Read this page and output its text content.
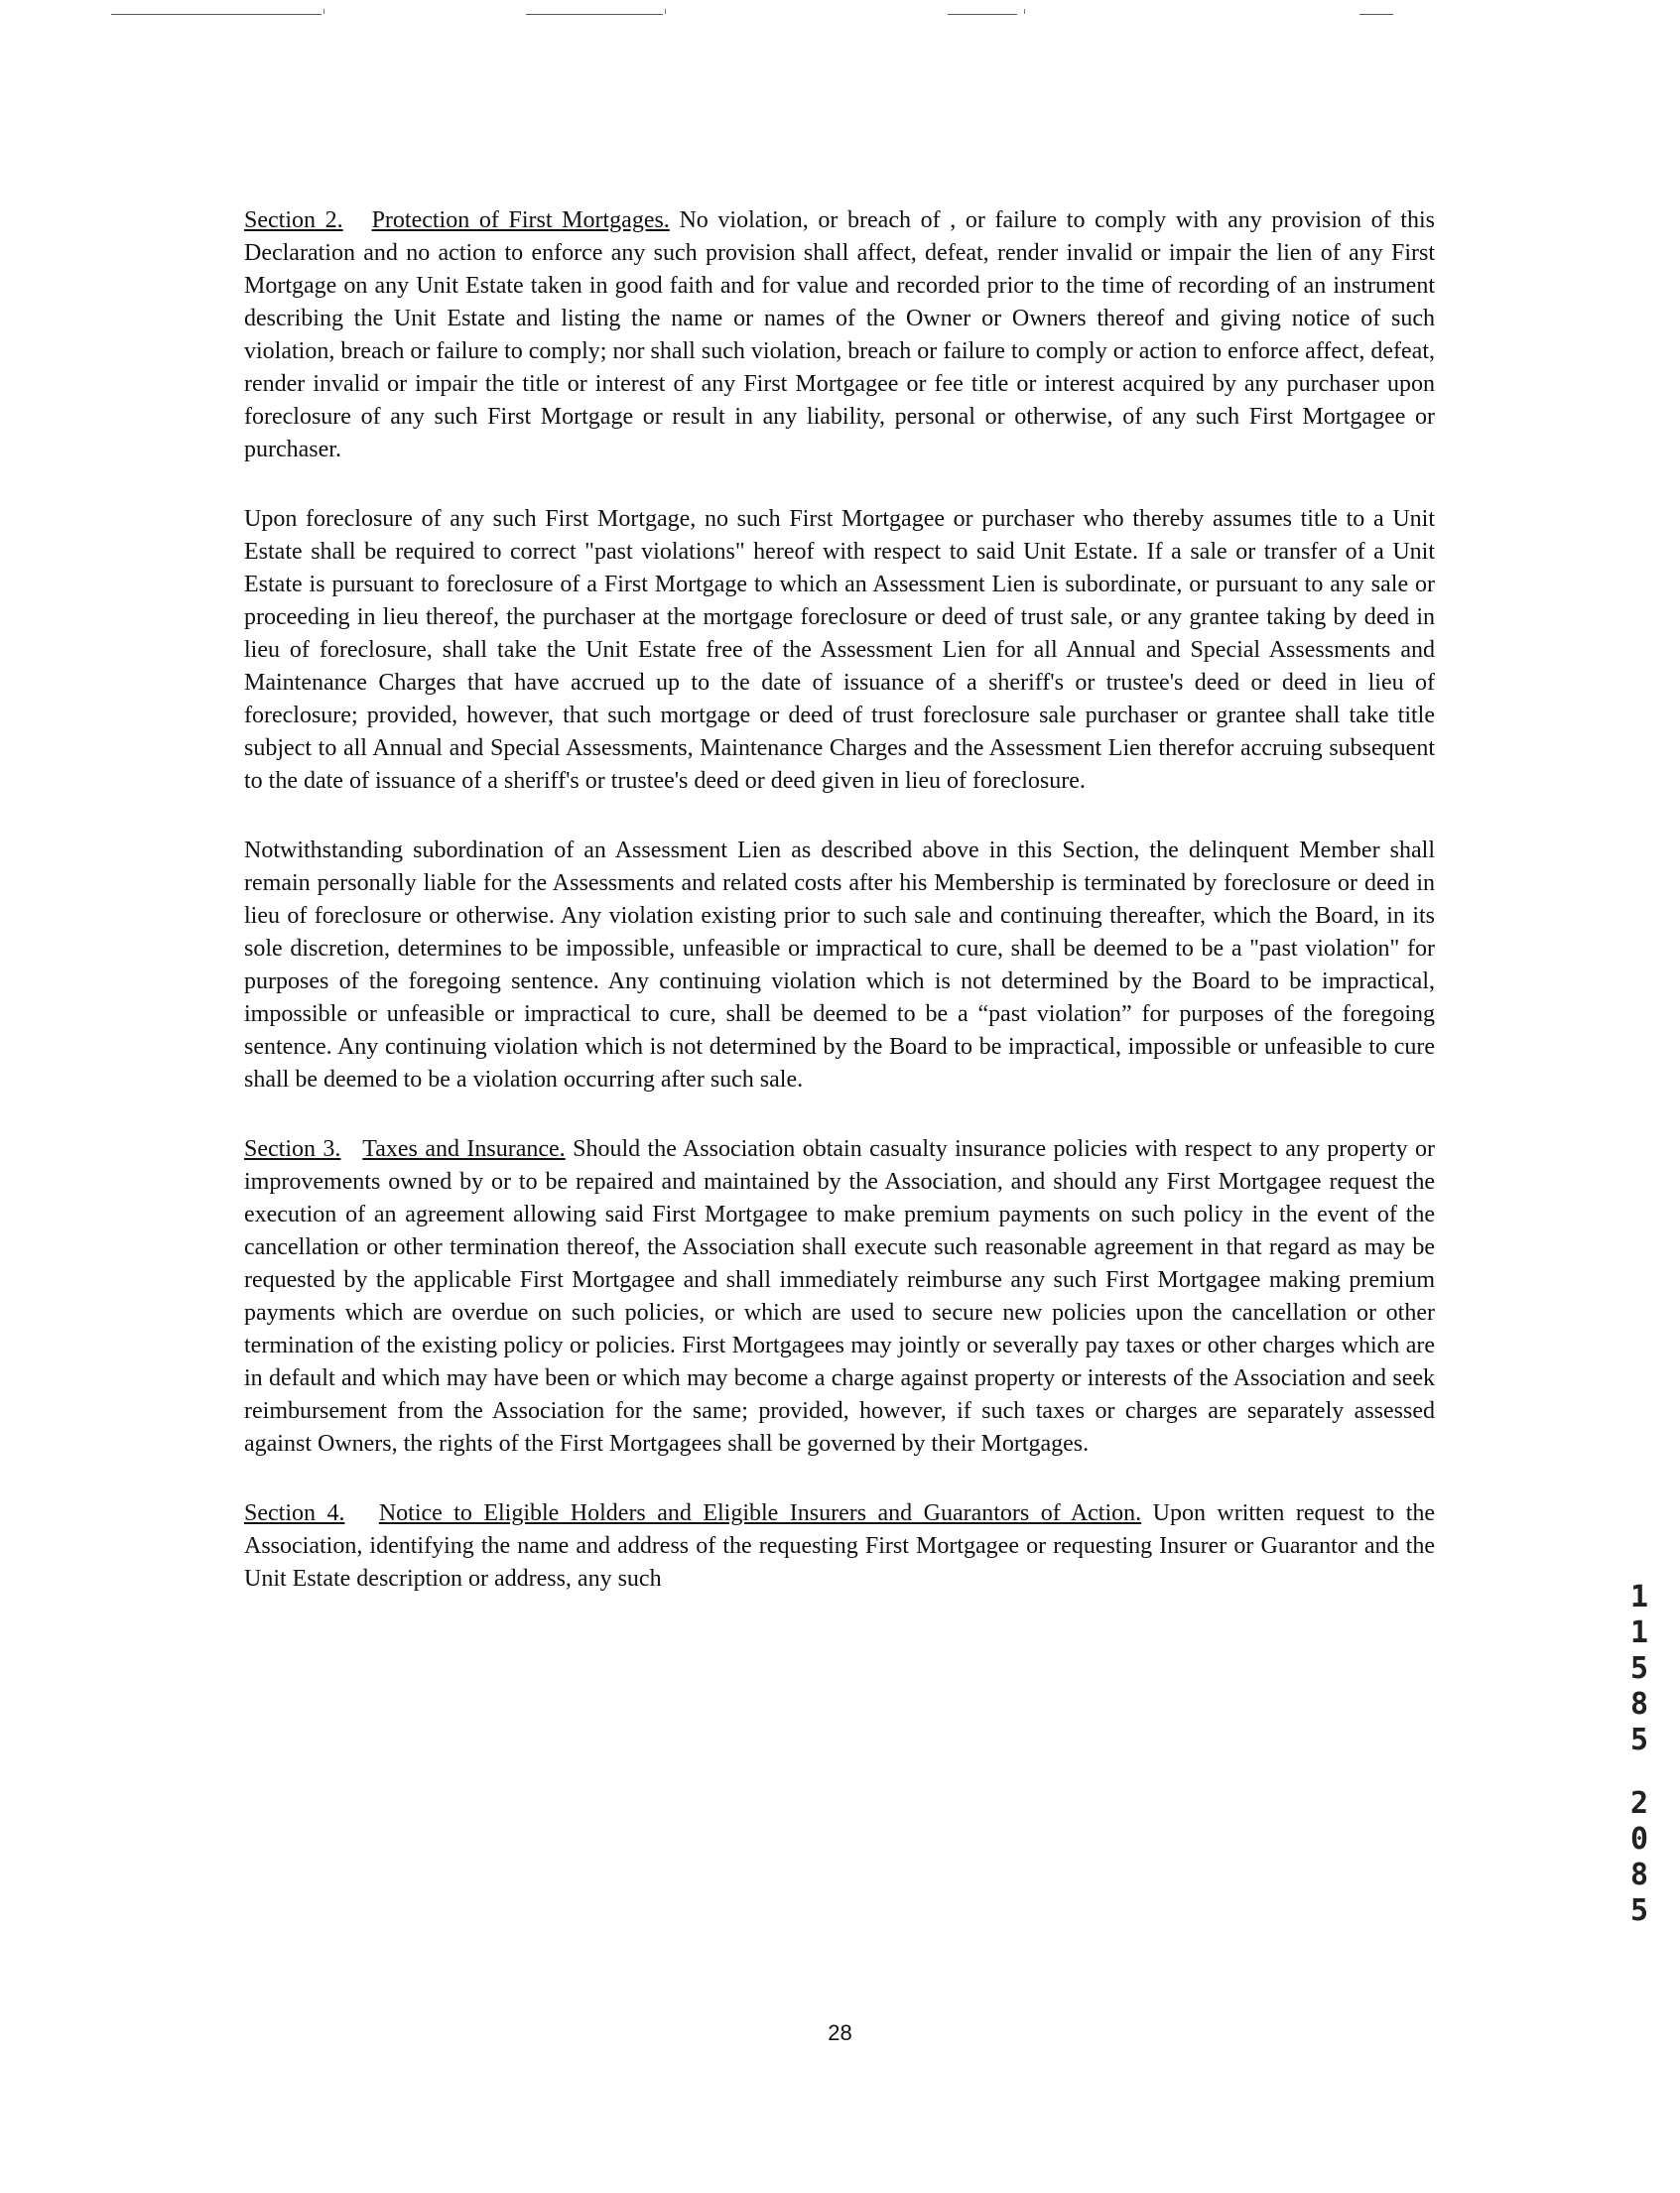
Section 2. Protection of First Mortgages. No violation, or breach of , or failure to comply with any provision of this Declaration and no action to enforce any such provision shall affect, defeat, render invalid or impair the lien of any First Mortgage on any Unit Estate taken in good faith and for value and recorded prior to the time of recording of an instrument describing the Unit Estate and listing the name or names of the Owner or Owners thereof and giving notice of such violation, breach or failure to comply; nor shall such violation, breach or failure to comply or action to enforce affect, defeat, render invalid or impair the title or interest of any First Mortgagee or fee title or interest acquired by any purchaser upon foreclosure of any such First Mortgage or result in any liability, personal or otherwise, of any such First Mortgagee or purchaser.

Upon foreclosure of any such First Mortgage, no such First Mortgagee or purchaser who thereby assumes title to a Unit Estate shall be required to correct "past violations" hereof with respect to said Unit Estate. If a sale or transfer of a Unit Estate is pursuant to foreclosure of a First Mortgage to which an Assessment Lien is subordinate, or pursuant to any sale or proceeding in lieu thereof, the purchaser at the mortgage foreclosure or deed of trust sale, or any grantee taking by deed in lieu of foreclosure, shall take the Unit Estate free of the Assessment Lien for all Annual and Special Assessments and Maintenance Charges that have accrued up to the date of issuance of a sheriff's or trustee's deed or deed in lieu of foreclosure; provided, however, that such mortgage or deed of trust foreclosure sale purchaser or grantee shall take title subject to all Annual and Special Assessments, Maintenance Charges and the Assessment Lien therefor accruing subsequent to the date of issuance of a sheriff's or trustee's deed or deed given in lieu of foreclosure.

Notwithstanding subordination of an Assessment Lien as described above in this Section, the delinquent Member shall remain personally liable for the Assessments and related costs after his Membership is terminated by foreclosure or deed in lieu of foreclosure or otherwise. Any violation existing prior to such sale and continuing thereafter, which the Board, in its sole discretion, determines to be impossible, unfeasible or impractical to cure, shall be deemed to be a "past violation" for purposes of the foregoing sentence. Any continuing violation which is not determined by the Board to be impractical, impossible or unfeasible or impractical to cure, shall be deemed to be a “past violation” for purposes of the foregoing sentence. Any continuing violation which is not determined by the Board to be impractical, impossible or unfeasible to cure shall be deemed to be a violation occurring after such sale.

Section 3. Taxes and Insurance. Should the Association obtain casualty insurance policies with respect to any property or improvements owned by or to be repaired and maintained by the Association, and should any First Mortgagee request the execution of an agreement allowing said First Mortgagee to make premium payments on such policy in the event of the cancellation or other termination thereof, the Association shall execute such reasonable agreement in that regard as may be requested by the applicable First Mortgagee and shall immediately reimburse any such First Mortgagee making premium payments which are overdue on such policies, or which are used to secure new policies upon the cancellation or other termination of the existing policy or policies. First Mortgagees may jointly or severally pay taxes or other charges which are in default and which may have been or which may become a charge against property or interests of the Association and seek reimbursement from the Association for the same; provided, however, if such taxes or charges are separately assessed against Owners, the rights of the First Mortgagees shall be governed by their Mortgages.

Section 4. Notice to Eligible Holders and Eligible Insurers and Guarantors of Action. Upon written request to the Association, identifying the name and address of the requesting First Mortgagee or requesting Insurer or Guarantor and the Unit Estate description or address, any such

1
1
5
8
5
2
0
8
5
28
